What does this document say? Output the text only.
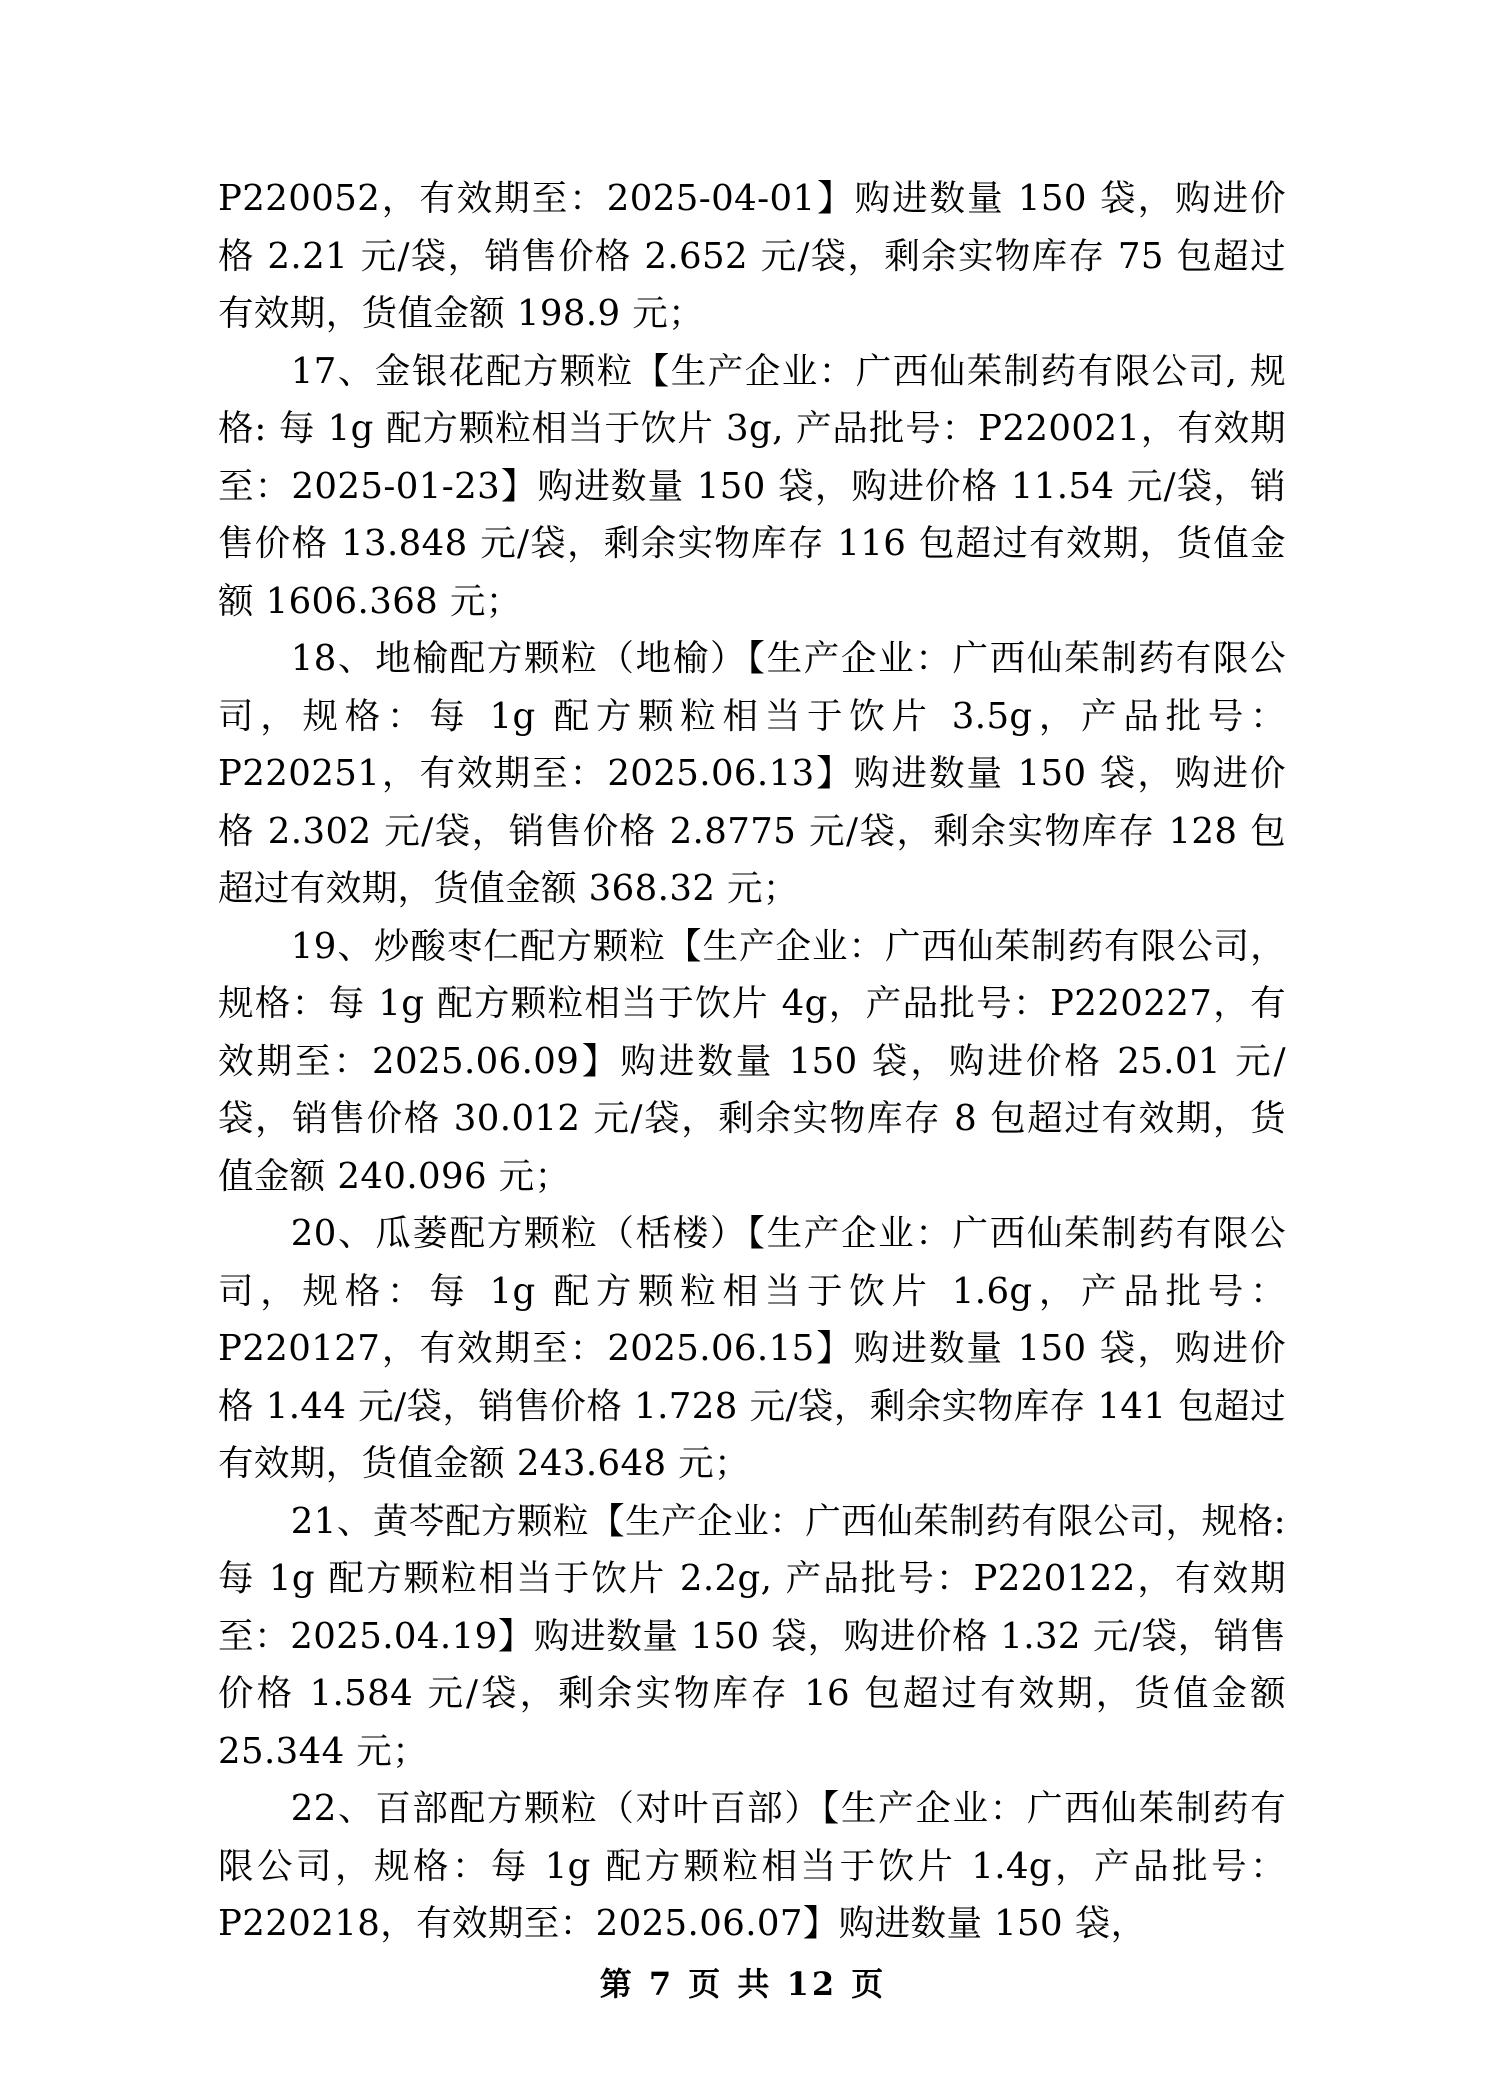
P220052，有效期至：2025-04-01】购进数量 150 袋，购进价格 2.21 元/袋，销售价格 2.652 元/袋，剩余实物库存 75 包超过有效期，货值金额 198.9 元；

17、金银花配方颗粒【生产企业：广西仙茱制药有限公司, 规格: 每 1g 配方颗粒相当于饮片 3g, 产品批号：P220021，有效期至：2025-01-23】购进数量 150 袋，购进价格 11.54 元/袋，销售价格 13.848 元/袋，剩余实物库存 116 包超过有效期，货值金额 1606.368 元；

18、地榆配方颗粒（地榆）【生产企业：广西仙茱制药有限公司，规格：每 1g 配方颗粒相当于饮片 3.5g，产品批号：P220251，有效期至：2025.06.13】购进数量 150 袋，购进价格 2.302 元/袋，销售价格 2.8775 元/袋，剩余实物库存 128 包超过有效期，货值金额 368.32 元；

19、炒酸枣仁配方颗粒【生产企业：广西仙茱制药有限公司，规格：每 1g 配方颗粒相当于饮片 4g，产品批号：P220227，有效期至：2025.06.09】购进数量 150 袋，购进价格 25.01 元/袋，销售价格 30.012 元/袋，剩余实物库存 8 包超过有效期，货值金额 240.096 元；

20、瓜蒌配方颗粒（栝楼）【生产企业：广西仙茱制药有限公司，规格：每 1g 配方颗粒相当于饮片 1.6g，产品批号：P220127，有效期至：2025.06.15】购进数量 150 袋，购进价格 1.44 元/袋，销售价格 1.728 元/袋，剩余实物库存 141 包超过有效期，货值金额 243.648 元；

21、黄芩配方颗粒【生产企业：广西仙茱制药有限公司，规格: 每 1g 配方颗粒相当于饮片 2.2g, 产品批号：P220122，有效期至：2025.04.19】购进数量 150 袋，购进价格 1.32 元/袋，销售价格 1.584 元/袋，剩余实物库存 16 包超过有效期，货值金额 25.344 元；

22、百部配方颗粒（对叶百部）【生产企业：广西仙茱制药有限公司，规格：每 1g 配方颗粒相当于饮片 1.4g，产品批号：P220218，有效期至：2025.06.07】购进数量 150 袋，

第 7 页 共 12 页
